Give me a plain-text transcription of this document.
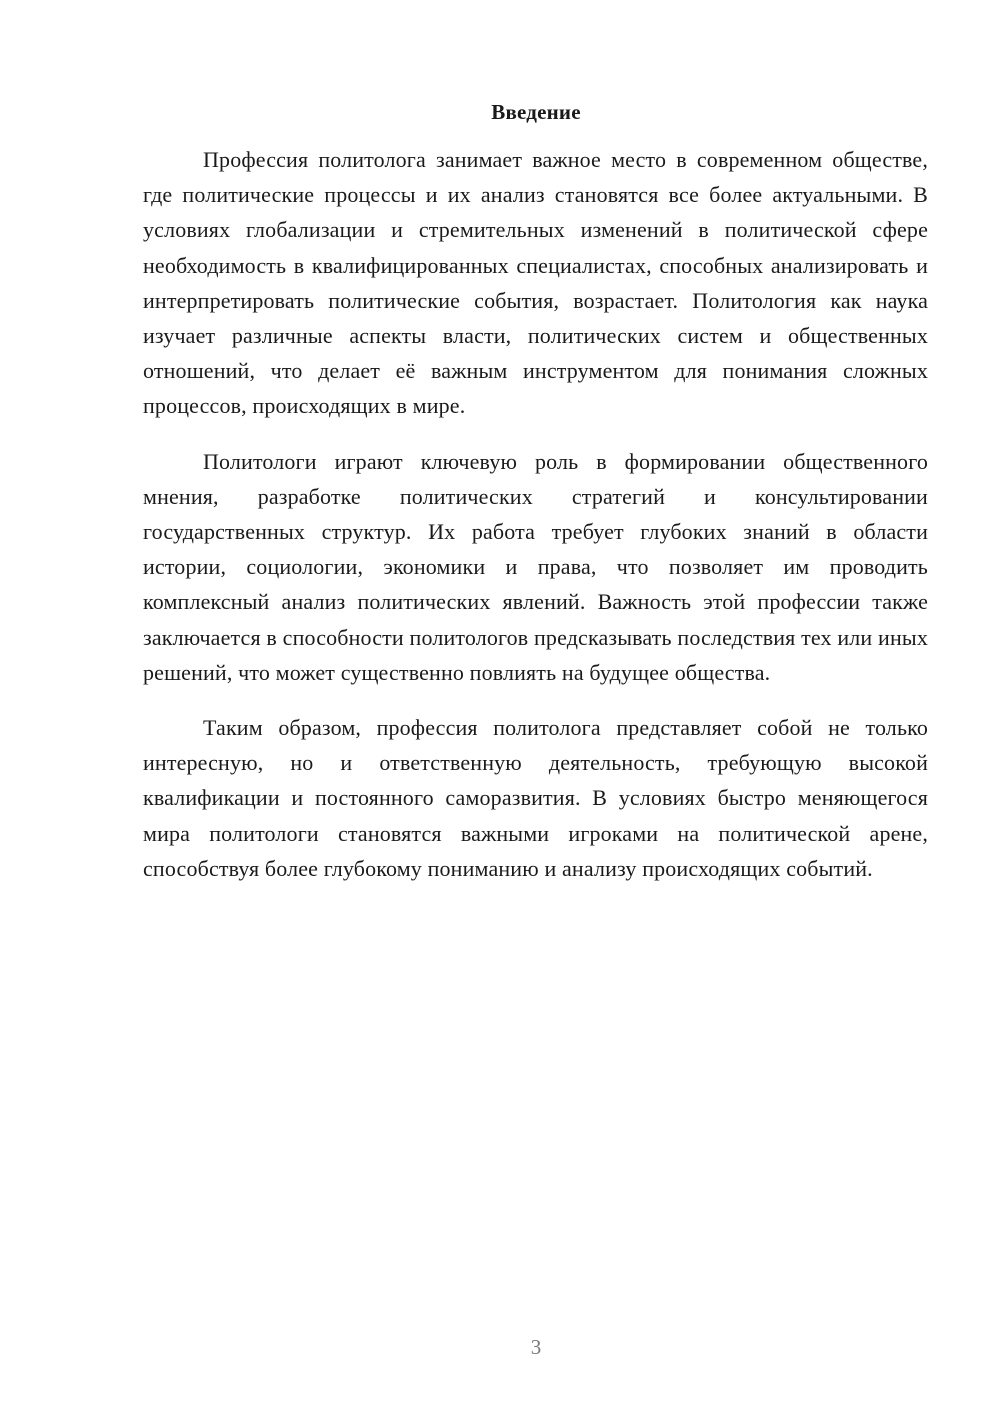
Введение

Профессия политолога занимает важное место в современном обществе, где политические процессы и их анализ становятся все более актуальными. В условиях глобализации и стремительных изменений в политической сфере необходимость в квалифицированных специалистах, способных анализировать и интерпретировать политические события, возрастает. Политология как наука изучает различные аспекты власти, политических систем и общественных отношений, что делает её важным инструментом для понимания сложных процессов, происходящих в мире.

Политологи играют ключевую роль в формировании общественного мнения, разработке политических стратегий и консультировании государственных структур. Их работа требует глубоких знаний в области истории, социологии, экономики и права, что позволяет им проводить комплексный анализ политических явлений. Важность этой профессии также заключается в способности политологов предсказывать последствия тех или иных решений, что может существенно повлиять на будущее общества.

Таким образом, профессия политолога представляет собой не только интересную, но и ответственную деятельность, требующую высокой квалификации и постоянного саморазвития. В условиях быстро меняющегося мира политологи становятся важными игроками на политической арене, способствуя более глубокому пониманию и анализу происходящих событий.

3
